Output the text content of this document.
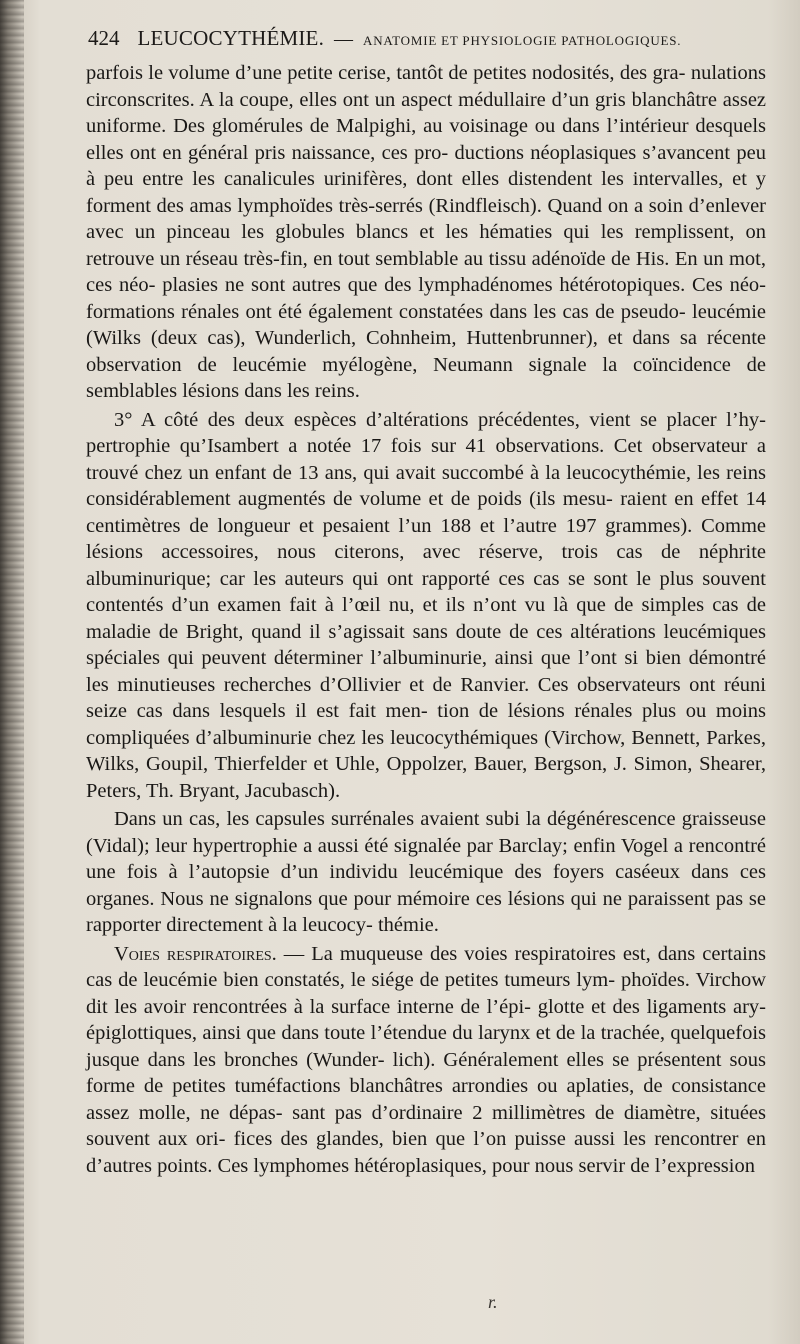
424 LEUCOCYTHÉMIE. — ANATOMIE ET PHYSIOLOGIE PATHOLOGIQUES.

parfois le volume d’une petite cerise, tantôt de petites nodosités, des gra- nulations circonscrites. A la coupe, elles ont un aspect médullaire d’un gris blanchâtre assez uniforme. Des glomérules de Malpighi, au voisinage ou dans l’intérieur desquels elles ont en général pris naissance, ces pro- ductions néoplasiques s’avancent peu à peu entre les canalicules urinifères, dont elles distendent les intervalles, et y forment des amas lymphoïdes très-serrés (Rindfleisch). Quand on a soin d’enlever avec un pinceau les globules blancs et les hématies qui les remplissent, on retrouve un réseau très-fin, en tout semblable au tissu adénoïde de His. En un mot, ces néo- plasies ne sont autres que des lymphadénomes hétérotopiques. Ces néo- formations rénales ont été également constatées dans les cas de pseudo- leucémie (Wilks (deux cas), Wunderlich, Cohnheim, Huttenbrunner), et dans sa récente observation de leucémie myélogène, Neumann signale la coïncidence de semblables lésions dans les reins.

3° A côté des deux espèces d’altérations précédentes, vient se placer l’hy- pertrophie qu’Isambert a notée 17 fois sur 41 observations. Cet observateur a trouvé chez un enfant de 13 ans, qui avait succombé à la leucocythémie, les reins considérablement augmentés de volume et de poids (ils mesu- raient en effet 14 centimètres de longueur et pesaient l’un 188 et l’autre 197 grammes). Comme lésions accessoires, nous citerons, avec réserve, trois cas de néphrite albuminurique; car les auteurs qui ont rapporté ces cas se sont le plus souvent contentés d’un examen fait à l’œil nu, et ils n’ont vu là que de simples cas de maladie de Bright, quand il s’agissait sans doute de ces altérations leucémiques spéciales qui peuvent déterminer l’albuminurie, ainsi que l’ont si bien démontré les minutieuses recherches d’Ollivier et de Ranvier. Ces observateurs ont réuni seize cas dans lesquels il est fait men- tion de lésions rénales plus ou moins compliquées d’albuminurie chez les leucocythémiques (Virchow, Bennett, Parkes, Wilks, Goupil, Thierfelder et Uhle, Oppolzer, Bauer, Bergson, J. Simon, Shearer, Peters, Th. Bryant, Jacubasch).

Dans un cas, les capsules surrénales avaient subi la dégénérescence graisseuse (Vidal); leur hypertrophie a aussi été signalée par Barclay; enfin Vogel a rencontré une fois à l’autopsie d’un individu leucémique des foyers caséeux dans ces organes. Nous ne signalons que pour mémoire ces lésions qui ne paraissent pas se rapporter directement à la leucocy- thémie.

Voies respiratoires. — La muqueuse des voies respiratoires est, dans certains cas de leucémie bien constatés, le siége de petites tumeurs lym- phoïdes. Virchow dit les avoir rencontrées à la surface interne de l’épi- glotte et des ligaments ary-épiglottiques, ainsi que dans toute l’étendue du larynx et de la trachée, quelquefois jusque dans les bronches (Wunder- lich). Généralement elles se présentent sous forme de petites tuméfactions blanchâtres arrondies ou aplaties, de consistance assez molle, ne dépas- sant pas d’ordinaire 2 millimètres de diamètre, situées souvent aux ori- fices des glandes, bien que l’on puisse aussi les rencontrer en d’autres points. Ces lymphomes hétéroplasiques, pour nous servir de l’expression

r.
